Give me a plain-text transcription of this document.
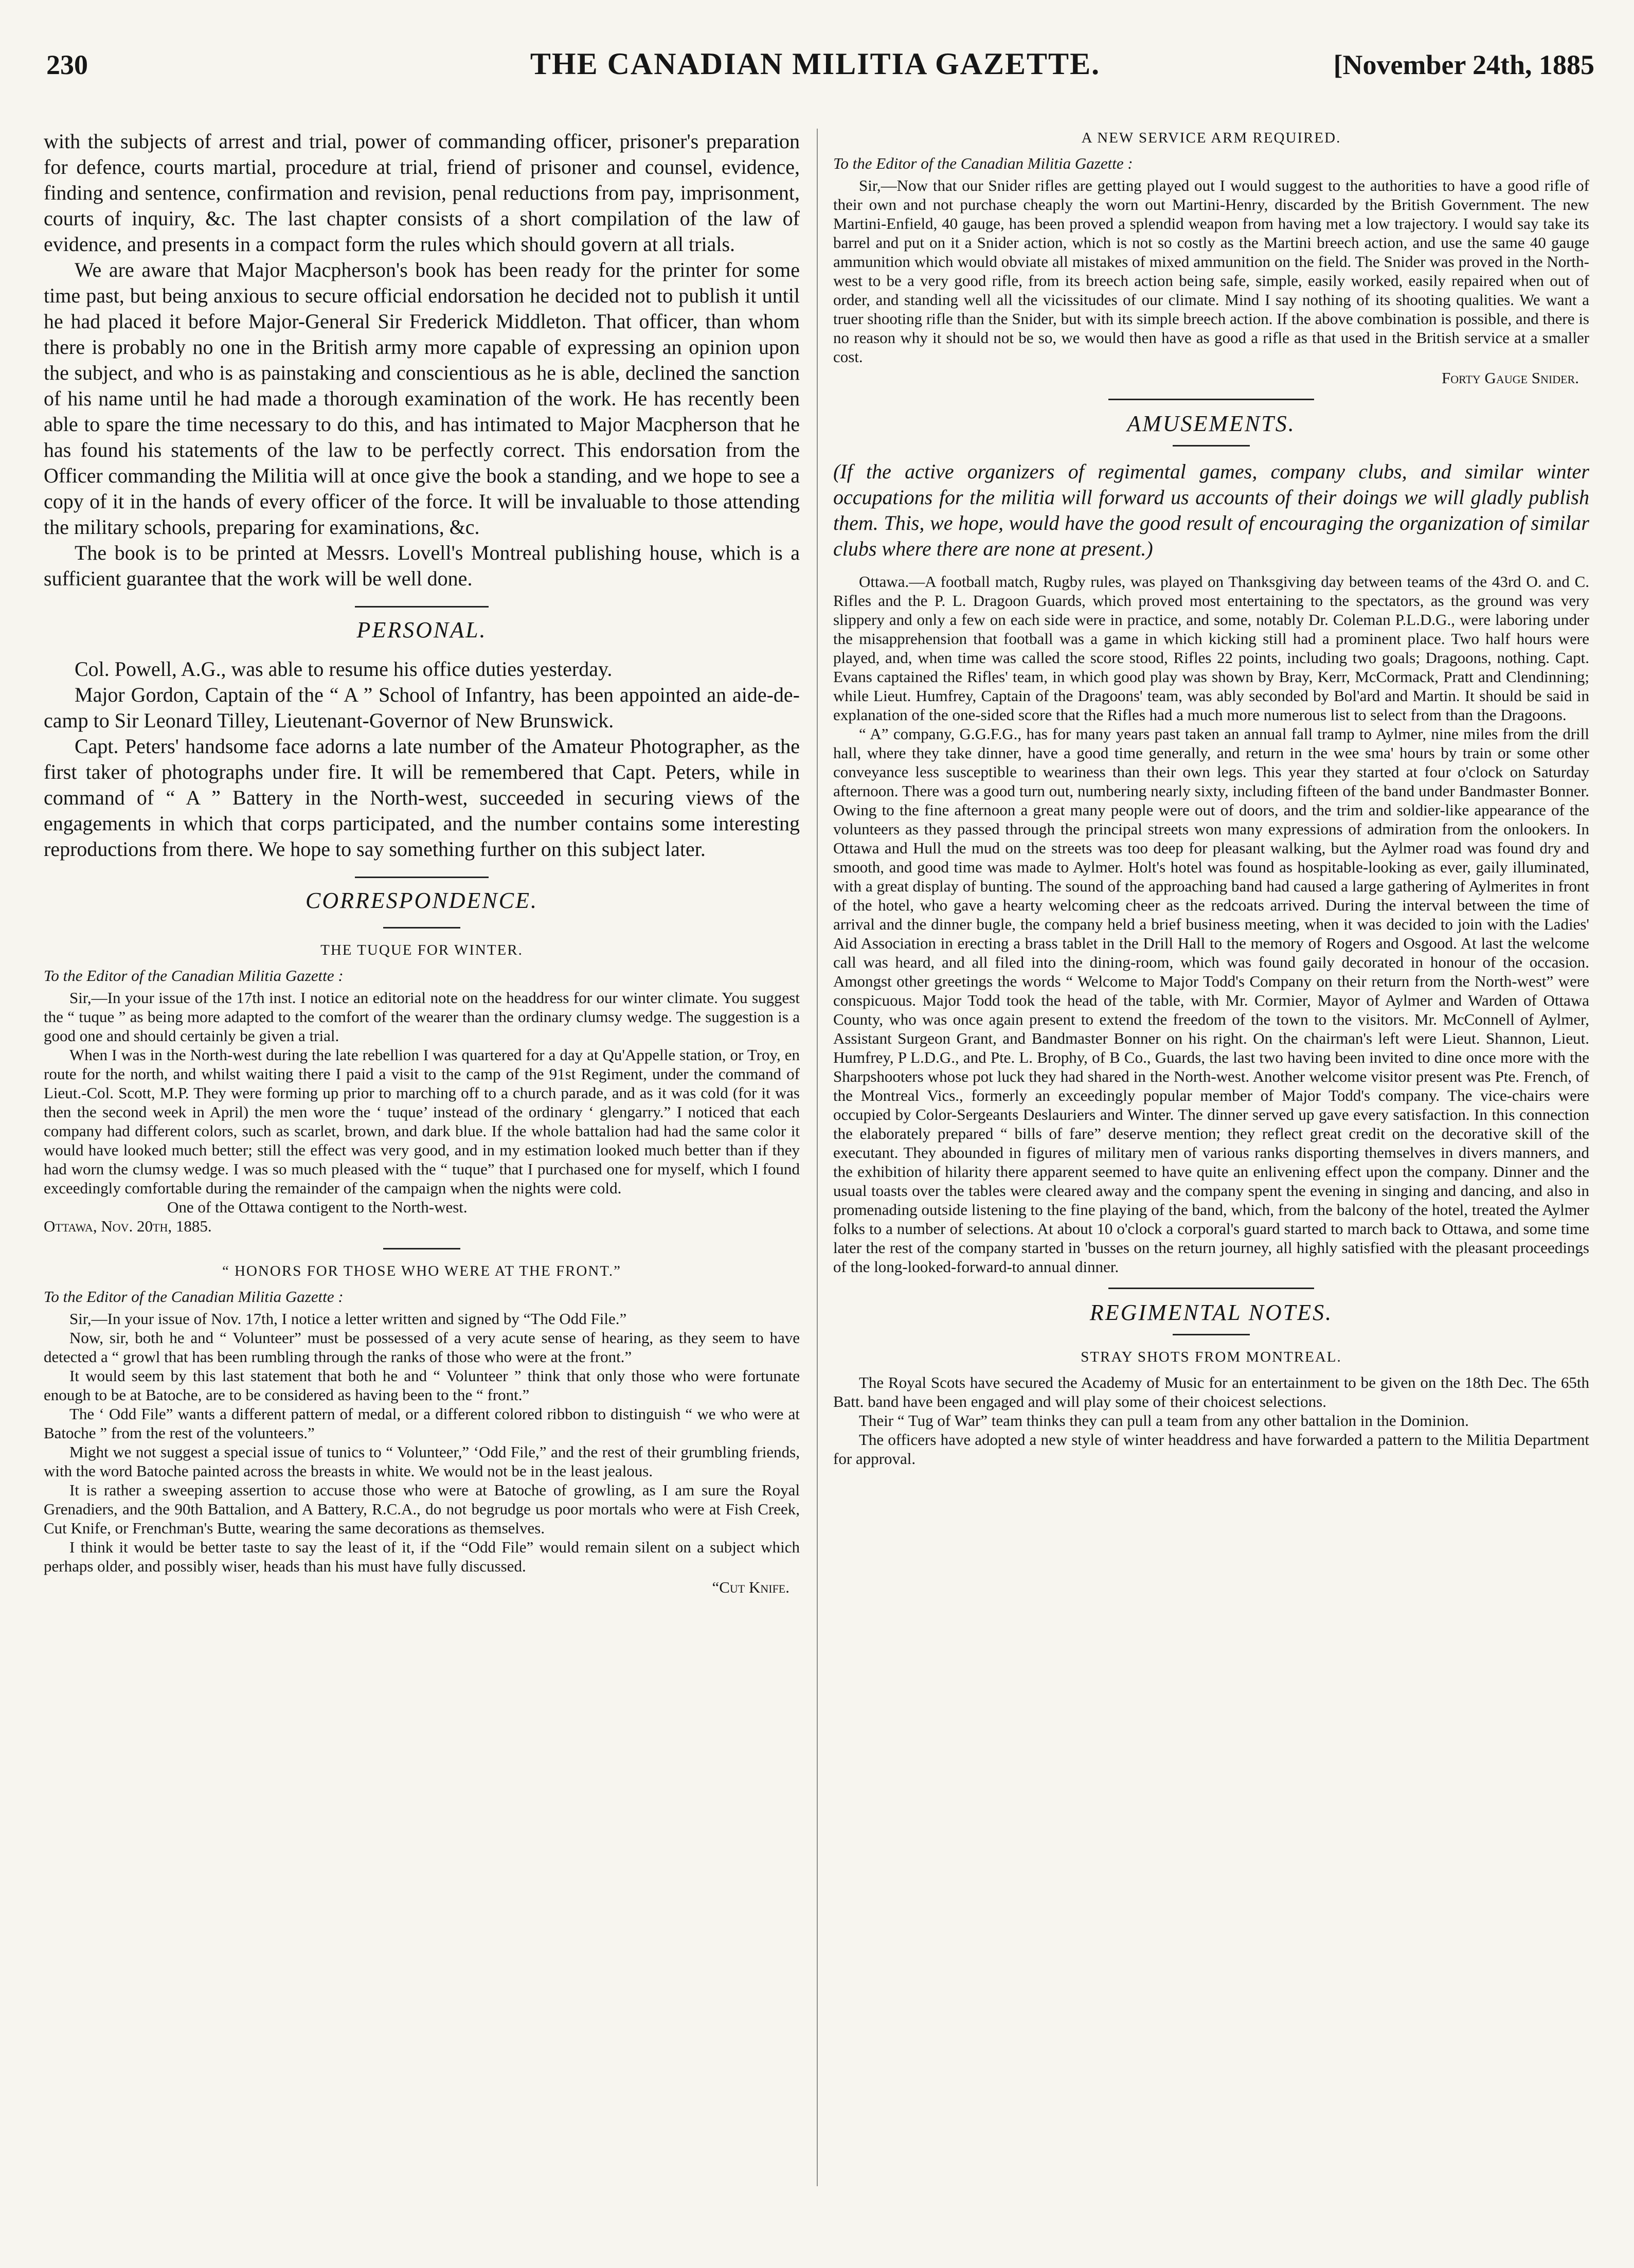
230	THE CANADIAN MILITIA GAZETTE.	[November 24th, 1885

with the subjects of arrest and trial, power of commanding officer, prisoner's preparation for defence, courts martial, procedure at trial, friend of prisoner and counsel, evidence, finding and sentence, confirmation and revision, penal reductions from pay, imprisonment, courts of inquiry, &c. The last chapter consists of a short compilation of the law of evidence, and presents in a compact form the rules which should govern at all trials.

We are aware that Major Macpherson's book has been ready for the printer for some time past, but being anxious to secure official endorsation he decided not to publish it until he had placed it before Major-General Sir Frederick Middleton. That officer, than whom there is probably no one in the British army more capable of expressing an opinion upon the subject, and who is as painstaking and conscientious as he is able, declined the sanction of his name until he had made a thorough examination of the work. He has recently been able to spare the time necessary to do this, and has intimated to Major Macpherson that he has found his statements of the law to be perfectly correct. This endorsation from the Officer commanding the Militia will at once give the book a standing, and we hope to see a copy of it in the hands of every officer of the force. It will be invaluable to those attending the military schools, preparing for examinations, &c.

The book is to be printed at Messrs. Lovell's Montreal publishing house, which is a sufficient guarantee that the work will be well done.

PERSONAL.

Col. Powell, A.G., was able to resume his office duties yesterday.

Major Gordon, Captain of the “ A ” School of Infantry, has been appointed an aide-de-camp to Sir Leonard Tilley, Lieutenant-Governor of New Brunswick.

Capt. Peters' handsome face adorns a late number of the Amateur Photographer, as the first taker of photographs under fire. It will be remembered that Capt. Peters, while in command of “ A ” Battery in the North-west, succeeded in securing views of the engagements in which that corps participated, and the number contains some interesting reproductions from there. We hope to say something further on this subject later.

CORRESPONDENCE.
THE TUQUE FOR WINTER.
To the Editor of the Canadian Militia Gazette :

Sir,—In your issue of the 17th inst. I notice an editorial note on the headdress for our winter climate. You suggest the “ tuque ” as being more adapted to the comfort of the wearer than the ordinary clumsy wedge. The suggestion is a good one and should certainly be given a trial.

When I was in the North-west during the late rebellion I was quartered for a day at Qu'Appelle station, or Troy, en route for the north, and whilst waiting there I paid a visit to the camp of the 91st Regiment, under the command of Lieut.-Col. Scott, M.P. They were forming up prior to marching off to a church parade, and as it was cold (for it was then the second week in April) the men wore the ‘ tuque’ instead of the ordinary ‘ glengarry.” I noticed that each company had different colors, such as scarlet, brown, and dark blue. If the whole battalion had had the same color it would have looked much better; still the effect was very good, and in my estimation looked much better than if they had worn the clumsy wedge. I was so much pleased with the “ tuque” that I purchased one for myself, which I found exceedingly comfortable during the remainder of the campaign when the nights were cold.

One of the Ottawa contigent to the North-west.

Ottawa, Nov. 20th, 1885.

“ HONORS FOR THOSE WHO WERE AT THE FRONT.”
To the Editor of the Canadian Militia Gazette :

Sir,—In your issue of Nov. 17th, I notice a letter written and signed by “The Odd File.”

Now, sir, both he and “ Volunteer” must be possessed of a very acute sense of hearing, as they seem to have detected a “ growl that has been rumbling through the ranks of those who were at the front.”

It would seem by this last statement that both he and “ Volunteer ” think that only those who were fortunate enough to be at Batoche, are to be considered as having been to the “ front.”

The ‘ Odd File” wants a different pattern of medal, or a different colored ribbon to distinguish “ we who were at Batoche ” from the rest of the volunteers.”

Might we not suggest a special issue of tunics to “ Volunteer,” ‘Odd File,” and the rest of their grumbling friends, with the word Batoche painted across the breasts in white. We would not be in the least jealous.

It is rather a sweeping assertion to accuse those who were at Batoche of growling, as I am sure the Royal Grenadiers, and the 90th Battalion, and A Battery, R.C.A., do not begrudge us poor mortals who were at Fish Creek, Cut Knife, or Frenchman's Butte, wearing the same decorations as themselves.

I think it would be better taste to say the least of it, if the “Odd File” would remain silent on a subject which perhaps older, and possibly wiser, heads than his must have fully discussed.

“Cut Knife.
A NEW SERVICE ARM REQUIRED.
To the Editor of the Canadian Militia Gazette :

Sir,—Now that our Snider rifles are getting played out I would suggest to the authorities to have a good rifle of their own and not purchase cheaply the worn out Martini-Henry, discarded by the British Government. The new Martini-Enfield, 40 gauge, has been proved a splendid weapon from having met a low trajectory. I would say take its barrel and put on it a Snider action, which is not so costly as the Martini breech action, and use the same 40 gauge ammunition which would obviate all mistakes of mixed ammunition on the field. The Snider was proved in the North-west to be a very good rifle, from its breech action being safe, simple, easily worked, easily repaired when out of order, and standing well all the vicissitudes of our climate. Mind I say nothing of its shooting qualities. We want a truer shooting rifle than the Snider, but with its simple breech action. If the above combination is possible, and there is no reason why it should not be so, we would then have as good a rifle as that used in the British service at a smaller cost.

Forty Gauge Snider.
AMUSEMENTS.
(If the active organizers of regimental games, company clubs, and similar winter occupations for the militia will forward us accounts of their doings we will gladly publish them. This, we hope, would have the good result of encouraging the organization of similar clubs where there are none at present.)

Ottawa.—A football match, Rugby rules, was played on Thanksgiving day between teams of the 43rd O. and C. Rifles and the P. L. Dragoon Guards, which proved most entertaining to the spectators, as the ground was very slippery and only a few on each side were in practice, and some, notably Dr. Coleman P.L.D.G., were laboring under the misapprehension that football was a game in which kicking still had a prominent place. Two half hours were played, and, when time was called the score stood, Rifles 22 points, including two goals; Dragoons, nothing. Capt. Evans captained the Rifles' team, in which good play was shown by Bray, Kerr, McCormack, Pratt and Clendinning; while Lieut. Humfrey, Captain of the Dragoons' team, was ably seconded by Bol'ard and Martin. It should be said in explanation of the one-sided score that the Rifles had a much more numerous list to select from than the Dragoons.

“ A” company, G.G.F.G., has for many years past taken an annual fall tramp to Aylmer, nine miles from the drill hall, where they take dinner, have a good time generally, and return in the wee sma' hours by train or some other conveyance less susceptible to weariness than their own legs. This year they started at four o'clock on Saturday afternoon. There was a good turn out, numbering nearly sixty, including fifteen of the band under Bandmaster Bonner. Owing to the fine afternoon a great many people were out of doors, and the trim and soldier-like appearance of the volunteers as they passed through the principal streets won many expressions of admiration from the onlookers. In Ottawa and Hull the mud on the streets was too deep for pleasant walking, but the Aylmer road was found dry and smooth, and good time was made to Aylmer. Holt's hotel was found as hospitable-looking as ever, gaily illuminated, with a great display of bunting. The sound of the approaching band had caused a large gathering of Aylmerites in front of the hotel, who gave a hearty welcoming cheer as the redcoats arrived. During the interval between the time of arrival and the dinner bugle, the company held a brief business meeting, when it was decided to join with the Ladies' Aid Association in erecting a brass tablet in the Drill Hall to the memory of Rogers and Osgood. At last the welcome call was heard, and all filed into the dining-room, which was found gaily decorated in honour of the occasion. Amongst other greetings the words “ Welcome to Major Todd's Company on their return from the North-west” were conspicuous. Major Todd took the head of the table, with Mr. Cormier, Mayor of Aylmer and Warden of Ottawa County, who was once again present to extend the freedom of the town to the visitors. Mr. McConnell of Aylmer, Assistant Surgeon Grant, and Bandmaster Bonner on his right. On the chairman's left were Lieut. Shannon, Lieut. Humfrey, P L.D.G., and Pte. L. Brophy, of B Co., Guards, the last two having been invited to dine once more with the Sharpshooters whose pot luck they had shared in the North-west. Another welcome visitor present was Pte. French, of the Montreal Vics., formerly an exceedingly popular member of Major Todd's company. The vice-chairs were occupied by Color-Sergeants Deslauriers and Winter. The dinner served up gave every satisfaction. In this connection the elaborately prepared “ bills of fare” deserve mention; they reflect great credit on the decorative skill of the executant. They abounded in figures of military men of various ranks disporting themselves in divers manners, and the exhibition of hilarity there apparent seemed to have quite an enlivening effect upon the company. Dinner and the usual toasts over the tables were cleared away and the company spent the evening in singing and dancing, and also in promenading outside listening to the fine playing of the band, which, from the balcony of the hotel, treated the Aylmer folks to a number of selections. At about 10 o'clock a corporal's guard started to march back to Ottawa, and some time later the rest of the company started in 'busses on the return journey, all highly satisfied with the pleasant proceedings of the long-looked-forward-to annual dinner.

REGIMENTAL NOTES.
STRAY SHOTS FROM MONTREAL.

The Royal Scots have secured the Academy of Music for an entertainment to be given on the 18th Dec. The 65th Batt. band have been engaged and will play some of their choicest selections.

Their “ Tug of War” team thinks they can pull a team from any other battalion in the Dominion.

The officers have adopted a new style of winter headdress and have forwarded a pattern to the Militia Department for approval.
